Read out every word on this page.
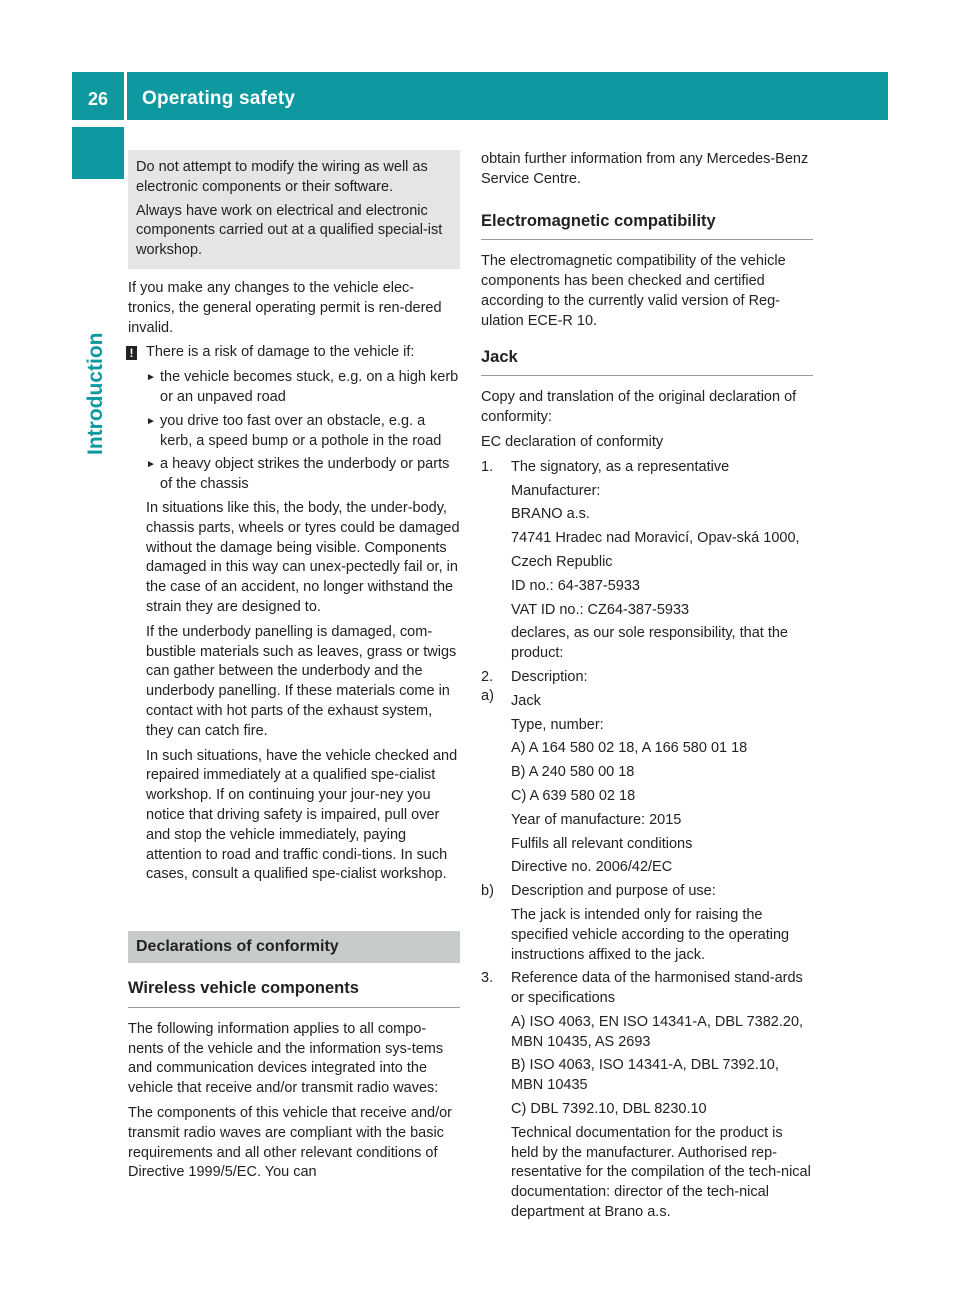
26	Operating safety
Introduction

Do not attempt to modify the wiring as well as electronic components or their software.

Always have work on electrical and electronic components carried out at a qualified special-ist workshop.

If you make any changes to the vehicle elec-tronics, the general operating permit is ren-dered invalid.

! There is a risk of damage to the vehicle if:

► the vehicle becomes stuck, e.g. on a high kerb or an unpaved road
► you drive too fast over an obstacle, e.g. a kerb, a speed bump or a pothole in the road
► a heavy object strikes the underbody or parts of the chassis

In situations like this, the body, the under-body, chassis parts, wheels or tyres could be damaged without the damage being visible. Components damaged in this way can unex-pectedly fail or, in the case of an accident, no longer withstand the strain they are designed to.

If the underbody panelling is damaged, com-bustible materials such as leaves, grass or twigs can gather between the underbody and the underbody panelling. If these materials come in contact with hot parts of the exhaust system, they can catch fire.

In such situations, have the vehicle checked and repaired immediately at a qualified spe-cialist workshop. If on continuing your jour-ney you notice that driving safety is impaired, pull over and stop the vehicle immediately, paying attention to road and traffic condi-tions. In such cases, consult a qualified spe-cialist workshop.

Declarations of conformity
Wireless vehicle components

The following information applies to all compo-nents of the vehicle and the information sys-tems and communication devices integrated into the vehicle that receive and/or transmit radio waves:

The components of this vehicle that receive and/or transmit radio waves are compliant with the basic requirements and all other relevant conditions of Directive 1999/5/EC. You can

obtain further information from any Mercedes-Benz Service Centre.

Electromagnetic compatibility

The electromagnetic compatibility of the vehicle components has been checked and certified according to the currently valid version of Reg-ulation ECE-R 10.

Jack

Copy and translation of the original declaration of conformity:

EC declaration of conformity

1. The signatory, as a representative

Manufacturer:

BRANO a.s.

74741 Hradec nad Moravicí, Opav-ská 1000,

Czech Republic

ID no.: 64-387-5933

VAT ID no.: CZ64-387-5933

declares, as our sole responsibility, that the product:

2.
a)

Description:

Jack

Type, number:

A) A 164 580 02 18, A 166 580 01 18

B) A 240 580 00 18

C) A 639 580 02 18

Year of manufacture: 2015

Fulfils all relevant conditions

Directive no. 2006/42/EC

b) Description and purpose of use:

The jack is intended only for raising the specified vehicle according to the operating instructions affixed to the jack.

3. Reference data of the harmonised stand-ards or specifications

A) ISO 4063, EN ISO 14341-A, DBL 7382.20, MBN 10435, AS 2693

B) ISO 4063, ISO 14341-A, DBL 7392.10, MBN 10435

C) DBL 7392.10, DBL 8230.10

Technical documentation for the product is held by the manufacturer. Authorised rep-resentative for the compilation of the tech-nical documentation: director of the tech-nical department at Brano a.s.
